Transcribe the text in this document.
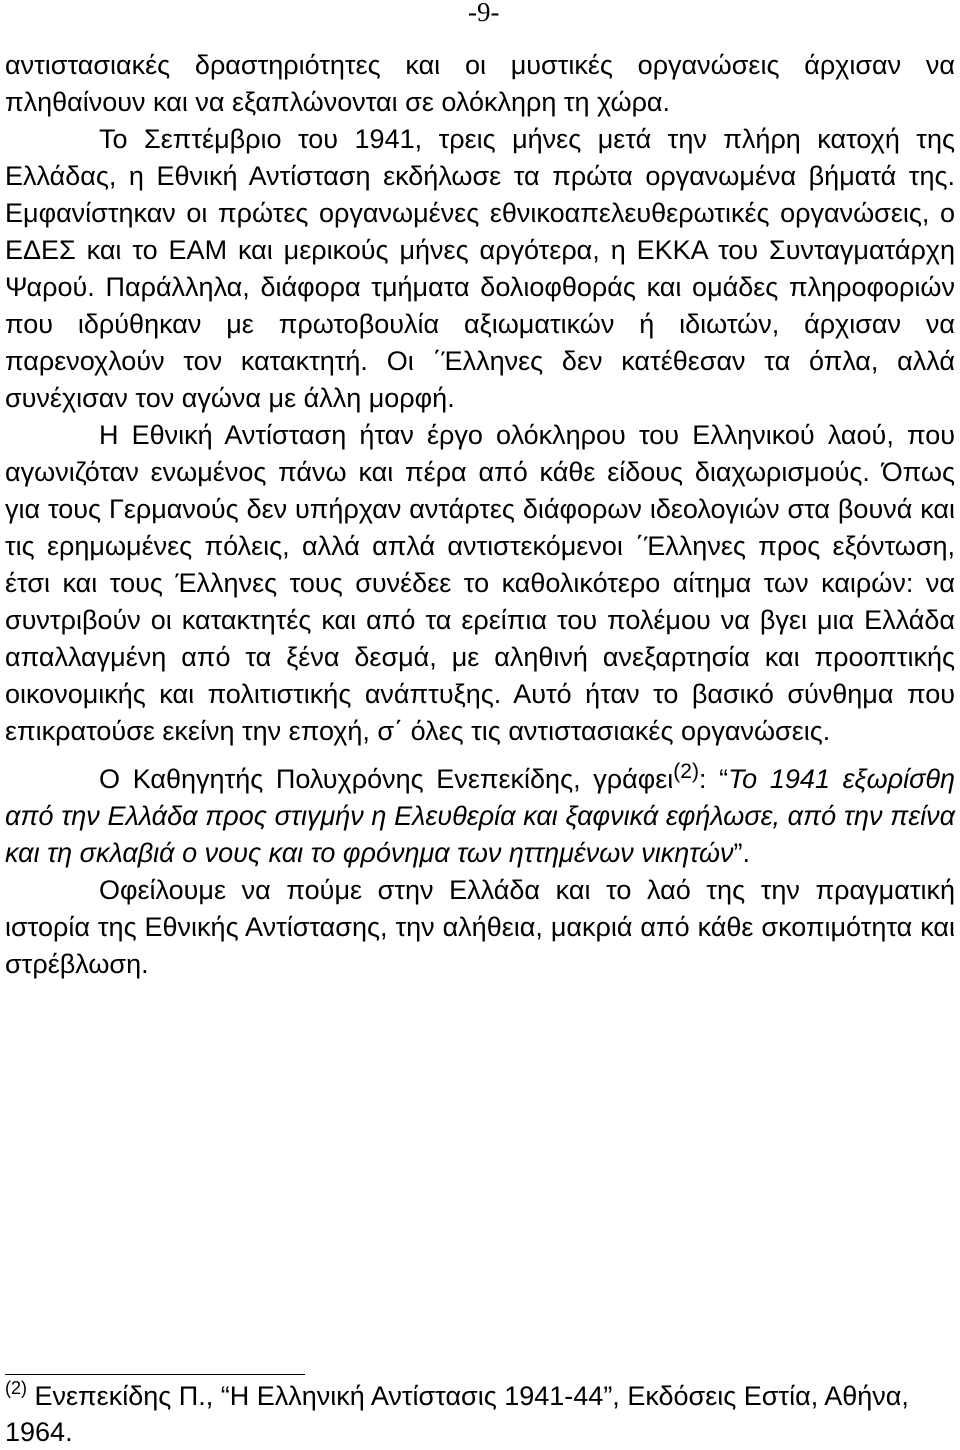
-9-

αντιστασιακές δραστηριότητες και οι μυστικές οργανώσεις άρχισαν να πληθαίνουν και να εξαπλώνονται σε ολόκληρη τη χώρα.

Το Σεπτέμβριο του 1941, τρεις μήνες μετά την πλήρη κατοχή της Ελλάδας, η Εθνική Αντίσταση εκδήλωσε τα πρώτα οργανωμένα βήματά της. Εμφανίστηκαν οι πρώτες οργανωμένες εθνικοαπελευθερωτικές οργανώσεις, ο ΕΔΕΣ και το ΕΑΜ και μερικούς μήνες αργότερα, η ΕΚΚΑ του Συνταγματάρχη Ψαρού. Παράλληλα, διάφορα τμήματα δολιοφθοράς και ομάδες πληροφοριών που ιδρύθηκαν με πρωτοβουλία αξιωματικών ή ιδιωτών, άρχισαν να παρενοχλούν τον κατακτητή. Οι ΄Έλληνες δεν κατέθεσαν τα όπλα, αλλά συνέχισαν τον αγώνα με άλλη μορφή.

Η Εθνική Αντίσταση ήταν έργο ολόκληρου του Ελληνικού λαού, που αγωνιζόταν ενωμένος πάνω και πέρα από κάθε είδους διαχωρισμούς. Όπως για τους Γερμανούς δεν υπήρχαν αντάρτες διάφορων ιδεολογιών στα βουνά και τις ερημωμένες πόλεις, αλλά απλά αντιστεκόμενοι ΄Έλληνες προς εξόντωση, έτσι και τους Έλληνες τους συνέδεε το καθολικότερο αίτημα των καιρών: να συντριβούν οι κατακτητές και από τα ερείπια του πολέμου να βγει μια Ελλάδα απαλλαγμένη από τα ξένα δεσμά, με αληθινή ανεξαρτησία και προοπτικής οικονομικής και πολιτιστικής ανάπτυξης. Αυτό ήταν το βασικό σύνθημα που επικρατούσε εκείνη την εποχή, σ΄ όλες τις αντιστασιακές οργανώσεις.

Ο Καθηγητής Πολυχρόνης Ενεπεκίδης, γράφει$^{(2)}$: “Το 1941 εξωρίσθη από την Ελλάδα προς στιγμήν η Ελευθερία και ξαφνικά εφήλωσε, από την πείνα και τη σκλαβιά ο νους και το φρόνημα των ηττημένων νικητών”.

Οφείλουμε να πούμε στην Ελλάδα και το λαό της την πραγματική ιστορία της Εθνικής Αντίστασης, την αλήθεια, μακριά από κάθε σκοπιμότητα και στρέβλωση.

$^{(2)}$ Ενεπεκίδης Π., “Η Ελληνική Αντίστασις 1941-44”, Εκδόσεις Εστία, Αθήνα, 1964.
